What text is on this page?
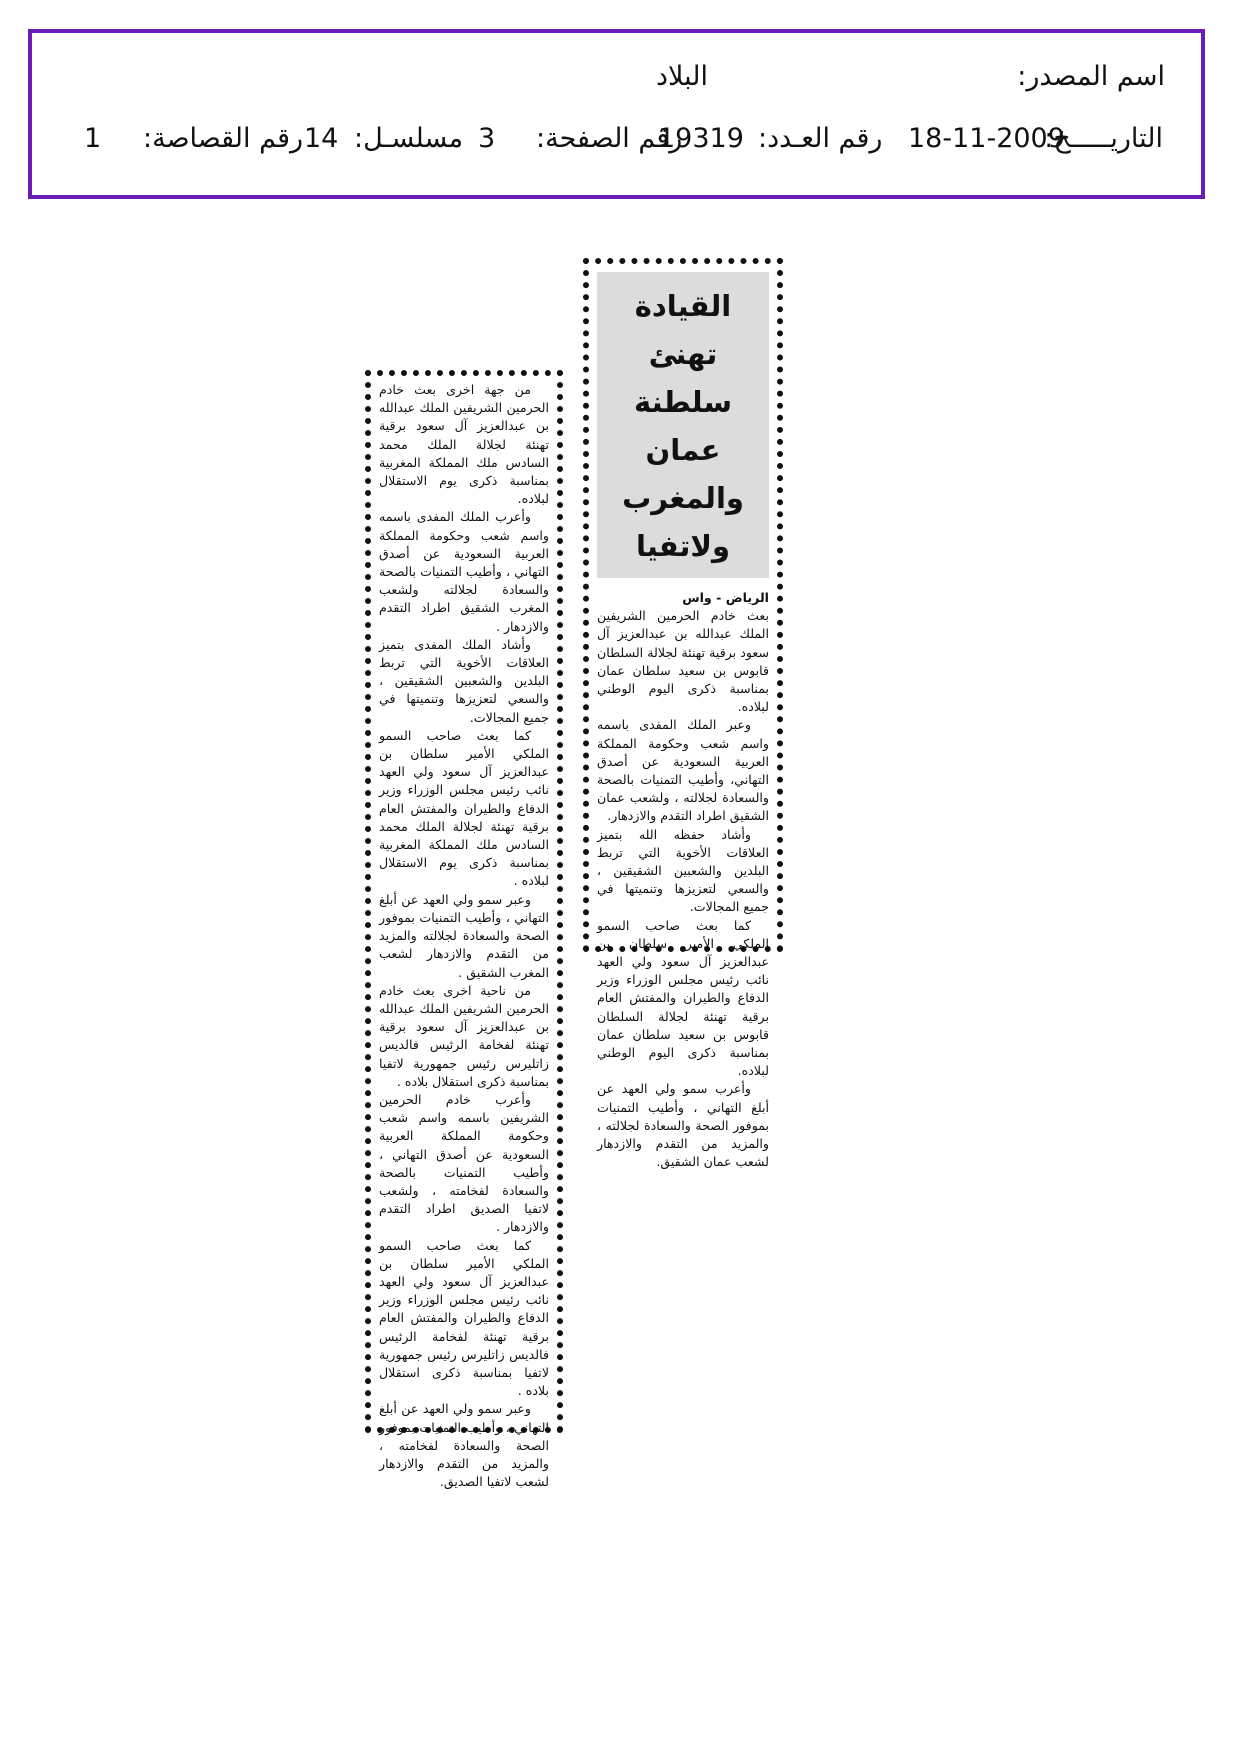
اسم المصدر:
البلاد
التاريـــــخ:
18-11-2009
رقم العـدد:
19319
رقم الصفحة:
3
مسلسـل:
14
رقم القصاصة:
1
القيادة تهنئ سلطنة عمان والمغرب ولاتفيا

الرياض - واس

بعث خادم الحرمين الشريفين الملك عبدالله بن عبدالعزيز آل سعود برقية تهنئة لجلالة السلطان قابوس بن سعيد سلطان عمان بمناسبة ذكرى اليوم الوطني لبلاده.

وعبر الملك المفدى باسمه واسم شعب وحكومة المملكة العربية السعودية عن أصدق التهاني، وأطيب التمنيات بالصحة والسعادة لجلالته ، ولشعب عمان الشقيق اطراد التقدم والازدهار.

وأشاد حفظه الله بتميز العلاقات الأخوية التي تربط البلدين والشعبين الشقيقين ، والسعي لتعزيزها وتنميتها في جميع المجالات.

كما بعث صاحب السمو الملكي الأمير سلطان بن عبدالعزيز آل سعود ولي العهد نائب رئيس مجلس الوزراء وزير الدفاع والطيران والمفتش العام برقية تهنئة لجلالة السلطان قابوس بن سعيد سلطان عمان بمناسبة ذكرى اليوم الوطني لبلاده.

وأعرب سمو ولي العهد عن أبلغ التهاني ، وأطيب التمنيات بموفور الصحة والسعادة لجلالته ، والمزيد من التقدم والازدهار لشعب عمان الشقيق.

من جهة اخرى بعث خادم الحرمين الشريفين الملك عبدالله بن عبدالعزيز آل سعود برقية تهنئة لجلالة الملك محمد السادس ملك المملكة المغربية بمناسبة ذكرى يوم الاستقلال لبلاده.

وأعرب الملك المفدى باسمه واسم شعب وحكومة المملكة العربية السعودية عن أصدق التهاني ، وأطيب التمنيات بالصحة والسعادة لجلالته ولشعب المغرب الشقيق اطراد التقدم والازدهار .

وأشاد الملك المفدى بتميز العلاقات الأخوية التي تربط البلدين والشعبين الشقيقين ، والسعي لتعزيزها وتنميتها في جميع المجالات.

كما بعث صاحب السمو الملكي الأمير سلطان بن عبدالعزيز آل سعود ولي العهد نائب رئيس مجلس الوزراء وزير الدفاع والطيران والمفتش العام برقية تهنئة لجلالة الملك محمد السادس ملك المملكة المغربية بمناسبة ذكرى يوم الاستقلال لبلاده .

وعبر سمو ولي العهد عن أبلغ التهاني ، وأطيب التمنيات بموفور الصحة والسعادة لجلالته والمزيد من التقدم والازدهار لشعب المغرب الشقيق .

من ناحية اخرى بعث خادم الحرمين الشريفين الملك عبدالله بن عبدالعزيز آل سعود برقية تهنئة لفخامة الرئيس فالديس زاتليرس رئيس جمهورية لاتفيا بمناسبة ذكرى استقلال بلاده .

وأعرب خادم الحرمين الشريفين باسمه واسم شعب وحكومة المملكة العربية السعودية عن أصدق التهاني ، وأطيب التمنيات بالصحة والسعادة لفخامته ، ولشعب لاتفيا الصديق اطراد التقدم والازدهار .

كما بعث صاحب السمو الملكي الأمير سلطان بن عبدالعزيز آل سعود ولي العهد نائب رئيس مجلس الوزراء وزير الدفاع والطيران والمفتش العام برقية تهنئة لفخامة الرئيس فالديس زاتليرس رئيس جمهورية لاتفيا بمناسبة ذكرى استقلال بلاده .

وعبر سمو ولي العهد عن أبلغ التهاني ، وأطيب التمنيات بموفور الصحة والسعادة لفخامته ، والمزيد من التقدم والازدهار لشعب لاتفيا الصديق.
